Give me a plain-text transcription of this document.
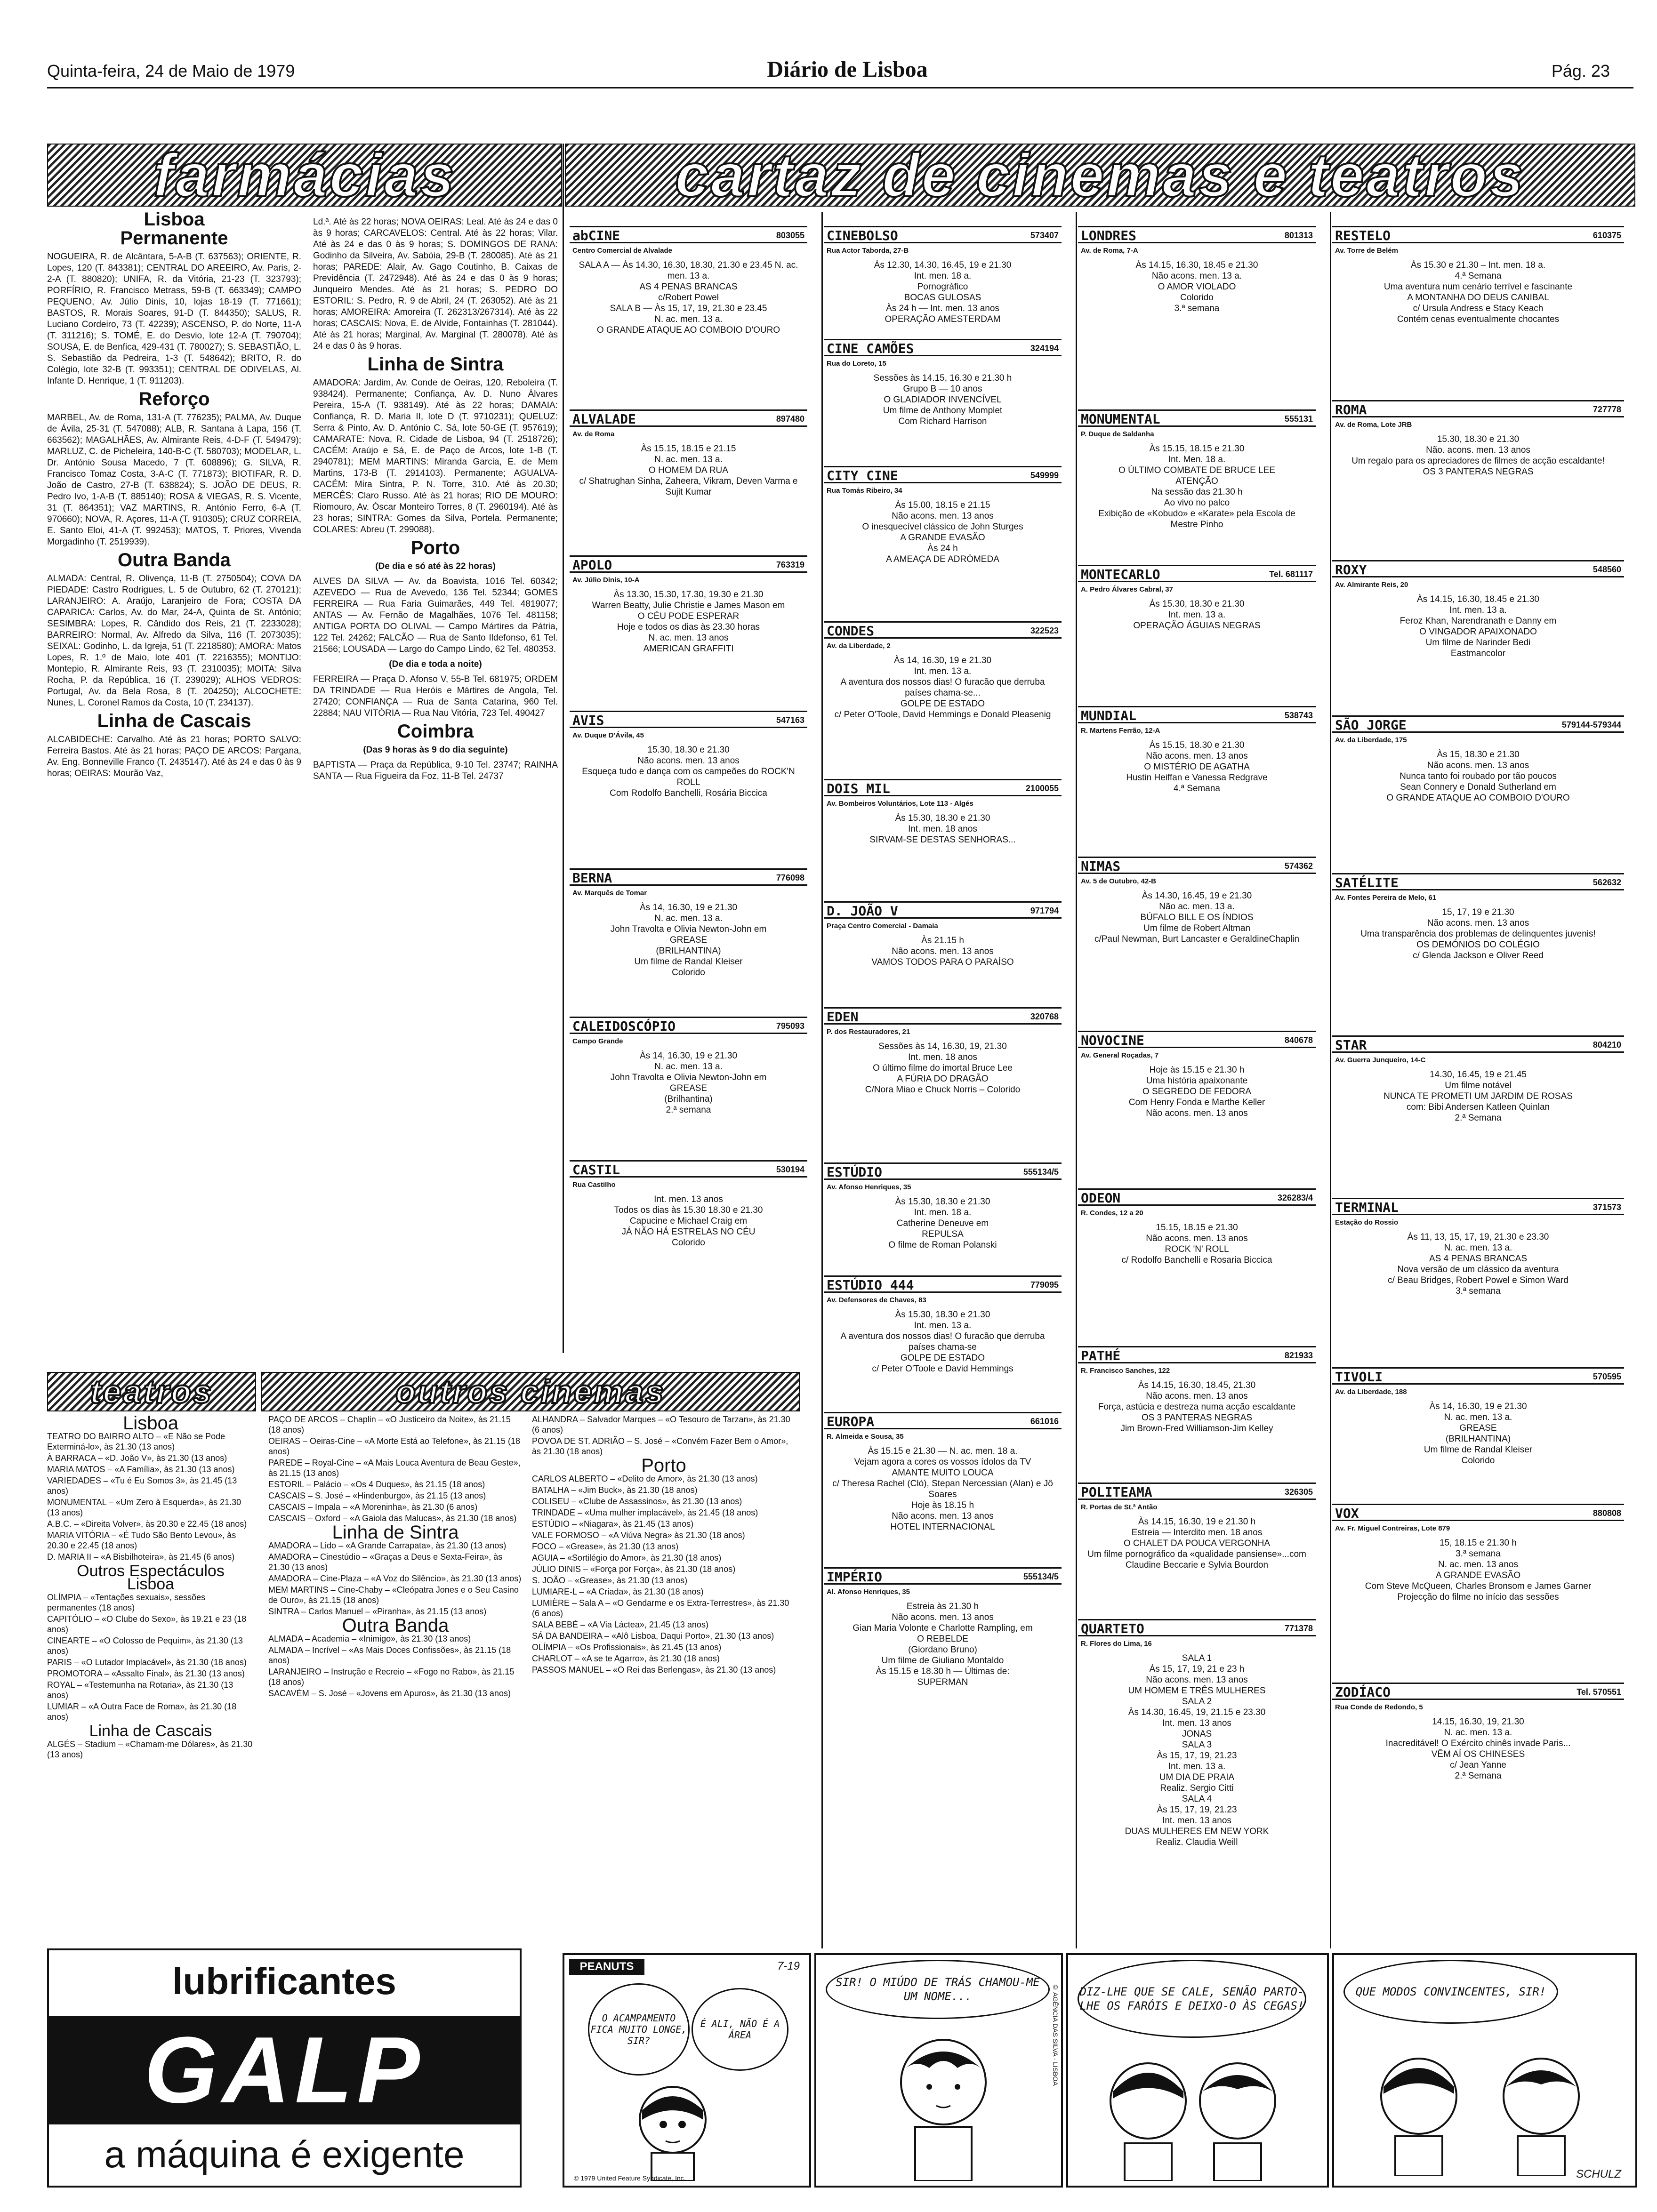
Quinta-feira, 24 de Maio de 1979	Diário de Lisboa	Pág. 23
farmácias	cartaz de cinemas e teatros
Lisboa
Permanente

NOGUEIRA, R. de Alcântara, 5-A-B (T. 637563); ORIENTE, R. Lopes, 120 (T. 843381); CENTRAL DO AREEIRO, Av. Paris, 2-2-A (T. 880820); UNIFA, R. da Vitória, 21-23 (T. 323793); PORFÍRIO, R. Francisco Metrass, 59-B (T. 663349); CAMPO PEQUENO, Av. Júlio Dinis, 10, lojas 18-19 (T. 771661); BASTOS, R. Morais Soares, 91-D (T. 844350); SALUS, R. Luciano Cordeiro, 73 (T. 42239); ASCENSO, P. do Norte, 11-A (T. 311216); S. TOMÉ, E. do Desvio, lote 12-A (T. 790704); SOUSA, E. de Benfica, 429-431 (T. 780027); S. SEBASTIÃO, L. S. Sebastião da Pedreira, 1-3 (T. 548642); BRITO, R. do Colégio, lote 32-B (T. 993351); CENTRAL DE ODIVELAS, Al. Infante D. Henrique, 1 (T. 911203).

Reforço

MARBEL, Av. de Roma, 131-A (T. 776235); PALMA, Av. Duque de Ávila, 25-31 (T. 547088); ALB, R. Santana à Lapa, 156 (T. 663562); MAGALHÃES, Av. Almirante Reis, 4-D-F (T. 549479); MARLUZ, C. de Picheleira, 140-B-C (T. 580703); MODELAR, L. Dr. António Sousa Macedo, 7 (T. 608896); G. SILVA, R. Francisco Tomaz Costa, 3-A-C (T. 771873); BIOTIFAR, R. D. João de Castro, 27-B (T. 638824); S. JOÃO DE DEUS, R. Pedro Ivo, 1-A-B (T. 885140); ROSA & VIEGAS, R. S. Vicente, 31 (T. 864351); VAZ MARTINS, R. António Ferro, 6-A (T. 970660); NOVA, R. Açores, 11-A (T. 910305); CRUZ CORREIA, E. Santo Eloi, 41-A (T. 992453); MATOS, T. Priores, Vivenda Morgadinho (T. 2519939).

Outra Banda

ALMADA: Central, R. Olivença, 11-B (T. 2750504); COVA DA PIEDADE: Castro Rodrigues, L. 5 de Outubro, 62 (T. 270121); LARANJEIRO: A. Araújo, Laranjeiro de Fora; COSTA DA CAPARICA: Carlos, Av. do Mar, 24-A, Quinta de St. António; SESIMBRA: Lopes, R. Cândido dos Reis, 21 (T. 2233028); BARREIRO: Normal, Av. Alfredo da Silva, 116 (T. 2073035); SEIXAL: Godinho, L. da Igreja, 51 (T. 2218580); AMORA: Matos Lopes, R. 1.º de Maio, lote 401 (T. 2216355); MONTIJO: Montepio, R. Almirante Reis, 93 (T. 2310035); MOITA: Silva Rocha, P. da República, 16 (T. 239029); ALHOS VEDROS: Portugal, Av. da Bela Rosa, 8 (T. 204250); ALCOCHETE: Nunes, L. Coronel Ramos da Costa, 10 (T. 234137).

Linha de Cascais

ALCABIDECHE: Carvalho. Até às 21 horas; PORTO SALVO: Ferreira Bastos. Até às 21 horas; PAÇO DE ARCOS: Pargana, Av. Eng. Bonneville Franco (T. 2435147). Até às 24 e das 0 às 9 horas; OEIRAS: Mourão Vaz,

Ld.ª. Até às 22 horas; NOVA OEIRAS: Leal. Até às 24 e das 0 às 9 horas; CARCAVELOS: Central. Até às 22 horas; Vilar. Até às 24 e das 0 às 9 horas; S. DOMINGOS DE RANA: Godinho da Silveira, Av. Sabóia, 29-B (T. 280085). Até às 21 horas; PAREDE: Alair, Av. Gago Coutinho, B. Caixas de Previdência (T. 2472948). Até às 24 e das 0 às 9 horas; Junqueiro Mendes. Até às 21 horas; S. PEDRO DO ESTORIL: S. Pedro, R. 9 de Abril, 24 (T. 263052). Até às 21 horas; AMOREIRA: Amoreira (T. 262313/267314). Até às 22 horas; CASCAIS: Nova, E. de Alvide, Fontainhas (T. 281044). Até às 21 horas; Marginal, Av. Marginal (T. 280078). Até às 24 e das 0 às 9 horas.

Linha de Sintra

AMADORA: Jardim, Av. Conde de Oeiras, 120, Reboleira (T. 938424). Permanente; Confiança, Av. D. Nuno Álvares Pereira, 15-A (T. 938149). Até às 22 horas; DAMAIA: Confiança, R. D. Maria II, lote D (T. 9710231); QUELUZ: Serra & Pinto, Av. D. António C. Sá, lote 50-GE (T. 957619); CAMARATE: Nova, R. Cidade de Lisboa, 94 (T. 2518726); CACÉM: Araújo e Sá, E. de Paço de Arcos, lote 1-B (T. 2940781); MEM MARTINS: Miranda Garcia, E. de Mem Martins, 173-B (T. 2914103). Permanente; AGUALVA-CACÉM: Mira Sintra, P. N. Torre, 310. Até às 20.30; MERCÊS: Claro Russo. Até às 21 horas; RIO DE MOURO: Riomouro, Av. Óscar Monteiro Torres, 8 (T. 2960194). Até às 23 horas; SINTRA: Gomes da Silva, Portela. Permanente; COLARES: Abreu (T. 299088).

Porto

(De dia e só até às 22 horas)

ALVES DA SILVA — Av. da Boavista, 1016 Tel. 60342; AZEVEDO — Rua de Avevedo, 136 Tel. 52344; GOMES FERREIRA — Rua Faria Guimarães, 449 Tel. 4819077; ANTAS — Av. Fernão de Magalhães, 1076 Tel. 481158; ANTIGA PORTA DO OLIVAL — Campo Mártires da Pátria, 122 Tel. 24262; FALCÃO — Rua de Santo Ildefonso, 61 Tel. 21566; LOUSADA — Largo do Campo Lindo, 62 Tel. 480353.

(De dia e toda a noite)

FERREIRA — Praça D. Afonso V, 55-B Tel. 681975; ORDEM DA TRINDADE — Rua Heróis e Mártires de Angola, Tel. 27420; CONFIANÇA — Rua de Santa Catarina, 960 Tel. 22884; NAU VITÓRIA — Rua Nau Vitória, 723 Tel. 490427

Coimbra

(Das 9 horas às 9 do dia seguinte)

BAPTISTA — Praça da República, 9-10 Tel. 23747; RAINHA SANTA — Rua Figueira da Foz, 11-B Tel. 24737

abCINE	803055
Centro Comercial de Alvalade
SALA A — Às 14.30, 16.30, 18.30, 21.30 e 23.45 N. ac. men. 13 a.
AS 4 PENAS BRANCAS
c/Robert Powel
SALA B — Às 15, 17, 19, 21.30 e 23.45
N. ac. men. 13 a.
O GRANDE ATAQUE AO COMBOIO D'OURO
ALVALADE	897480
Av. de Roma
Às 15.15, 18.15 e 21.15
N. ac. men. 13 a.
O HOMEM DA RUA
c/ Shatrughan Sinha, Zaheera, Vikram, Deven Varma e Sujit Kumar
APOLO	763319
Av. Júlio Dinis, 10-A
Às 13.30, 15.30, 17.30, 19.30 e 21.30
Warren Beatty, Julie Christie e James Mason em
O CÉU PODE ESPERAR
Hoje e todos os dias às 23.30 horas
N. ac. men. 13 anos
AMERICAN GRAFFITI
AVIS	547163
Av. Duque D'Ávila, 45
15.30, 18.30 e 21.30
Não acons. men. 13 anos
Esqueça tudo e dança com os campeões do ROCK'N ROLL
Com Rodolfo Banchelli, Rosária Biccica
BERNA	776098
Av. Marquês de Tomar
Às 14, 16.30, 19 e 21.30
N. ac. men. 13 a.
John Travolta e Olivia Newton-John em
GREASE
(BRILHANTINA)
Um filme de Randal Kleiser
Colorido
CALEIDOSCÓPIO	795093
Campo Grande
Às 14, 16.30, 19 e 21.30
N. ac. men. 13 a.
John Travolta e Olivia Newton-John em
GREASE
(Brilhantina)
2.ª semana
CASTIL	530194
Rua Castilho
Int. men. 13 anos
Todos os dias às 15.30 18.30 e 21.30
Capucine e Michael Craig em
JÁ NÃO HÁ ESTRELAS NO CÉU
Colorido
CINEBOLSO	573407
Rua Actor Taborda, 27-B
Às 12.30, 14.30, 16.45, 19 e 21.30
Int. men. 18 a.
Pornográfico
BOCAS GULOSAS
Às 24 h — Int. men. 13 anos
OPERAÇÃO AMESTERDAM
CINE CAMÕES	324194
Rua do Loreto, 15
Sessões às 14.15, 16.30 e 21.30 h
Grupo B — 10 anos
O GLADIADOR INVENCÍVEL
Um filme de Anthony Momplet
Com Richard Harrison
CITY CINE	549999
Rua Tomás Ribeiro, 34
Às 15.00, 18.15 e 21.15
Não acons. men. 13 anos
O inesquecível clássico de John Sturges
A GRANDE EVASÃO
Às 24 h
A AMEAÇA DE ADRÓMEDA
CONDES	322523
Av. da Liberdade, 2
Às 14, 16.30, 19 e 21.30
Int. men. 13 a.
A aventura dos nossos dias! O furacão que derruba países chama-se...
GOLPE DE ESTADO
c/ Peter O'Toole, David Hemmings e Donald Pleasenig
DOIS MIL	2100055
Av. Bombeiros Voluntários, Lote 113 - Algés
Às 15.30, 18.30 e 21.30
Int. men. 18 anos
SIRVAM-SE DESTAS SENHORAS...
D. JOÃO V	971794
Praça Centro Comercial - Damaia
Às 21.15 h
Não acons. men. 13 anos
VAMOS TODOS PARA O PARAÍSO
EDEN	320768
P. dos Restauradores, 21
Sessões às 14, 16.30, 19, 21.30
Int. men. 18 anos
O último filme do imortal Bruce Lee
A FÚRIA DO DRAGÃO
C/Nora Miao e Chuck Norris – Colorido
ESTÚDIO	555134/5
Av. Afonso Henriques, 35
Às 15.30, 18.30 e 21.30
Int. men. 18 a.
Catherine Deneuve em
REPULSA
O filme de Roman Polanski
ESTÚDIO 444	779095
Av. Defensores de Chaves, 83
Às 15.30, 18.30 e 21.30
Int. men. 13 a.
A aventura dos nossos dias! O furacão que derruba países chama-se
GOLPE DE ESTADO
c/ Peter O'Toole e David Hemmings
EUROPA	661016
R. Almeida e Sousa, 35
Às 15.15 e 21.30 — N. ac. men. 18 a.
Vejam agora a cores os vossos ídolos da TV
AMANTE MUITO LOUCA
c/ Theresa Rachel (Cló), Stepan Nercessian (Alan) e Jô Soares
Hoje às 18.15 h
Não acons. men. 13 anos
HOTEL INTERNACIONAL
IMPÉRIO	555134/5
Al. Afonso Henriques, 35
Estreia às 21.30 h
Não acons. men. 13 anos
Gian Maria Volonte e Charlotte Rampling, em
O REBELDE
(Giordano Bruno)
Um filme de Giuliano Montaldo
Às 15.15 e 18.30 h — Últimas de:
SUPERMAN
LONDRES	801313
Av. de Roma, 7-A
Às 14.15, 16.30, 18.45 e 21.30
Não acons. men. 13 a.
O AMOR VIOLADO
Colorido
3.ª semana
MONUMENTAL	555131
P. Duque de Saldanha
Às 15.15, 18.15 e 21.30
Int. Men. 18 a.
O ÚLTIMO COMBATE DE BRUCE LEE
ATENÇÃO
Na sessão das 21.30 h
Ao vivo no palco
Exibição de «Kobudo» e «Karate» pela Escola de Mestre Pinho
MONTECARLO	Tel. 681117
A. Pedro Álvares Cabral, 37
Às 15.30, 18.30 e 21.30
Int. men. 13 a.
OPERAÇÃO ÁGUIAS NEGRAS
MUNDIAL	538743
R. Martens Ferrão, 12-A
Às 15.15, 18.30 e 21.30
Não acons. men. 13 anos
O MISTÉRIO DE AGATHA
Hustin Heiffan e Vanessa Redgrave
4.ª Semana
NIMAS	574362
Av. 5 de Outubro, 42-B
Às 14.30, 16.45, 19 e 21.30
Não ac. men. 13 a.
BÚFALO BILL E OS ÍNDIOS
Um filme de Robert Altman
c/Paul Newman, Burt Lancaster e GeraldineChaplin
NOVOCINE	840678
Av. General Roçadas, 7
Hoje às 15.15 e 21.30 h
Uma história apaixonante
O SEGREDO DE FEDORA
Com Henry Fonda e Marthe Keller
Não acons. men. 13 anos
ODEON	326283/4
R. Condes, 12 a 20
15.15, 18.15 e 21.30
Não acons. men. 13 anos
ROCK 'N' ROLL
c/ Rodolfo Banchelli e Rosaria Biccica
PATHÉ	821933
R. Francisco Sanches, 122
Às 14.15, 16.30, 18.45, 21.30
Não acons. men. 13 anos
Força, astúcia e destreza numa acção escaldante
OS 3 PANTERAS NEGRAS
Jim Brown-Fred Williamson-Jim Kelley
POLITEAMA	326305
R. Portas de St.ª Antão
Às 14.15, 16.30, 19 e 21.30 h
Estreia — Interdito men. 18 anos
O CHALET DA POUCA VERGONHA
Um filme pornográfico da «qualidade pansiense»...com Claudine Beccarie e Sylvia Bourdon
QUARTETO	771378
R. Flores do Lima, 16
SALA 1
Às 15, 17, 19, 21 e 23 h
Não acons. men. 13 anos
UM HOMEM E TRÊS MULHERES
SALA 2
Às 14.30, 16.45, 19, 21.15 e 23.30
Int. men. 13 anos
JONAS
SALA 3
Às 15, 17, 19, 21.23
Int. men. 13 a.
UM DIA DE PRAIA
Realiz. Sergio Citti
SALA 4
Às 15, 17, 19, 21.23
Int. men. 13 anos
DUAS MULHERES EM NEW YORK
Realiz. Claudia Weill
RESTELO	610375
Av. Torre de Belém
Às 15.30 e 21.30 – Int. men. 18 a.
4.ª Semana
Uma aventura num cenário terrível e fascinante
A MONTANHA DO DEUS CANIBAL
c/ Ursula Andress e Stacy Keach
Contém cenas eventualmente chocantes
ROMA	727778
Av. de Roma, Lote JRB
15.30, 18.30 e 21.30
Não. acons. men. 13 anos
Um regalo para os apreciadores de filmes de acção escaldante!
OS 3 PANTERAS NEGRAS
ROXY	548560
Av. Almirante Reis, 20
Às 14.15, 16.30, 18.45 e 21.30
Int. men. 13 a.
Feroz Khan, Narendranath e Danny em
O VINGADOR APAIXONADO
Um filme de Narinder Bedi
Eastmancolor
SÃO JORGE	579144-579344
Av. da Liberdade, 175
Às 15, 18.30 e 21.30
Não acons. men. 13 anos
Nunca tanto foi roubado por tão poucos
Sean Connery e Donald Sutherland em
O GRANDE ATAQUE AO COMBOIO D'OURO
SATÉLITE	562632
Av. Fontes Pereira de Melo, 61
15, 17, 19 e 21.30
Não acons. men. 13 anos
Uma transparência dos problemas de delinquentes juvenis!
OS DEMÓNIOS DO COLÉGIO
c/ Glenda Jackson e Oliver Reed
STAR	804210
Av. Guerra Junqueiro, 14-C
14.30, 16.45, 19 e 21.45
Um filme notável
NUNCA TE PROMETI UM JARDIM DE ROSAS
com: Bibi Andersen Katleen Quinlan
2.ª Semana
TERMINAL	371573
Estação do Rossio
Às 11, 13, 15, 17, 19, 21.30 e 23.30
N. ac. men. 13 a.
AS 4 PENAS BRANCAS
Nova versão de um clássico da aventura
c/ Beau Bridges, Robert Powel e Simon Ward
3.ª semana
TIVOLI	570595
Av. da Liberdade, 188
Às 14, 16.30, 19 e 21.30
N. ac. men. 13 a.
GREASE
(BRILHANTINA)
Um filme de Randal Kleiser
Colorido
VOX	880808
Av. Fr. Miguel Contreiras, Lote 879
15, 18.15 e 21.30 h
3.ª semana
N. ac. men. 13 anos
A GRANDE EVASÃO
Com Steve McQueen, Charles Bronsom e James Garner
Projecção do filme no início das sessões
ZODÍACO	Tel. 570551
Rua Conde de Redondo, 5
14.15, 16.30, 19, 21.30
N. ac. men. 13 a.
Inacreditável! O Exército chinês invade Paris...
VÊM AÍ OS CHINESES
c/ Jean Yanne
2.ª Semana
teatros	outros cinemas
Lisboa

TEATRO DO BAIRRO ALTO – «E Não se Pode Exterminá-lo», às 21.30 (13 anos)

À BARRACA – «D. João V», às 21.30 (13 anos)

MARIA MATOS – «A Família», às 21.30 (13 anos)

VARIEDADES – «Tu é Eu Somos 3», às 21.45 (13 anos)

MONUMENTAL – «Um Zero à Esquerda», às 21.30 (13 anos)

A.B.C. – «Direita Volver», às 20.30 e 22.45 (18 anos)

MARIA VITÓRIA – «É Tudo São Bento Levou», às 20.30 e 22.45 (18 anos)

D. MARIA II – «A Bisbilhoteira», às 21.45 (6 anos)

Outros Espectáculos
Lisboa

OLÍMPIA – «Tentações sexuais», sessões permanentes (18 anos)

CAPITÓLIO – «O Clube do Sexo», às 19.21 e 23 (18 anos)

CINEARTE – «O Colosso de Pequim», às 21.30 (13 anos)

PARIS – «O Lutador Implacável», às 21.30 (18 anos)

PROMOTORA – «Assalto Final», às 21.30 (13 anos)

ROYAL – «Testemunha na Rotaria», às 21.30 (13 anos)

LUMIAR – «A Outra Face de Roma», às 21.30 (18 anos)

Linha de Cascais

ALGÉS – Stadium – «Chamam-me Dólares», às 21.30 (13 anos)

PAÇO DE ARCOS – Chaplin – «O Justiceiro da Noite», às 21.15 (18 anos)

OEIRAS – Oeiras-Cine – «A Morte Está ao Telefone», às 21.15 (18 anos)

PAREDE – Royal-Cine – «A Mais Louca Aventura de Beau Geste», às 21.15 (13 anos)

ESTORIL – Palácio – «Os 4 Duques», às 21.15 (18 anos)

CASCAIS – S. José – «Hindenburgo», às 21.15 (13 anos)

CASCAIS – Impala – «A Moreninha», às 21.30 (6 anos)

CASCAIS – Oxford – «A Gaiola das Malucas», às 21.30 (18 anos)

Linha de Sintra

AMADORA – Lido – «A Grande Carrapata», às 21.30 (13 anos)

AMADORA – Cinestúdio – «Graças a Deus e Sexta-Feira», às 21.30 (13 anos)

AMADORA – Cine-Plaza – «A Voz do Silêncio», às 21.30 (13 anos)

MEM MARTINS – Cine-Chaby – «Cleópatra Jones e o Seu Casino de Ouro», às 21.15 (18 anos)

SINTRA – Carlos Manuel – «Piranha», às 21.15 (13 anos)

Outra Banda

ALMADA – Academia – «Inimigo», às 21.30 (13 anos)

ALMADA – Incrível – «As Mais Doces Confissões», às 21.15 (18 anos)

LARANJEIRO – Instrução e Recreio – «Fogo no Rabo», às 21.15 (18 anos)

SACAVÉM – S. José – «Jovens em Apuros», às 21.30 (13 anos)

ALHANDRA – Salvador Marques – «O Tesouro de Tarzan», às 21.30 (6 anos)

POVOA DE ST. ADRIÃO – S. José – «Convém Fazer Bem o Amor», às 21.30 (18 anos)

Porto

CARLOS ALBERTO – «Delito de Amor», às 21.30 (13 anos)

BATALHA – «Jim Buck», às 21.30 (18 anos)

COLISEU – «Clube de Assassinos», às 21.30 (13 anos)

TRINDADE – «Uma mulher implacável», às 21.45 (18 anos)

ESTÚDIO – «Niagara», às 21.45 (13 anos)

VALE FORMOSO – «A Viúva Negra» às 21.30 (18 anos)

FOCO – «Grease», às 21.30 (13 anos)

AGUIA – «Sortilégio do Amor», às 21.30 (18 anos)

JÚLIO DINIS – «Força por Força», às 21.30 (18 anos)

S. JOÃO – «Grease», às 21.30 (13 anos)

LUMIARE-L – «A Criada», às 21.30 (18 anos)

LUMIÈRE – Sala A – «O Gendarme e os Extra-Terrestres», às 21.30 (6 anos)

SALA BEBÉ – «A Via Láctea», 21.45 (13 anos)

SÁ DA BANDEIRA – «Alô Lisboa, Daqui Porto», 21.30 (13 anos)

OLÍMPIA – «Os Profissionais», às 21.45 (13 anos)

CHARLOT – «A se te Agarro», às 21.30 (18 anos)

PASSOS MANUEL – «O Rei das Berlengas», às 21.30 (13 anos)

lubrificantes
GALP
a máquina é exigente
PEANUTS	7-19
O ACAMPAMENTO FICA MUITO LONGE, SIR?
É ALI, NÃO É A ÁREA
© 1979 United Feature Syndicate, Inc.
SIR! O MIÚDO DE TRÁS CHAMOU-ME UM NOME...	© AGÊNCIA DAS SILVA · LISBOA DIZ-LHE QUE SE CALE, SENÃO PARTO-LHE OS FARÓIS E DEIXO-O ÀS CEGAS!
QUE MODOS CONVINCENTES, SIR!
SCHULZ
